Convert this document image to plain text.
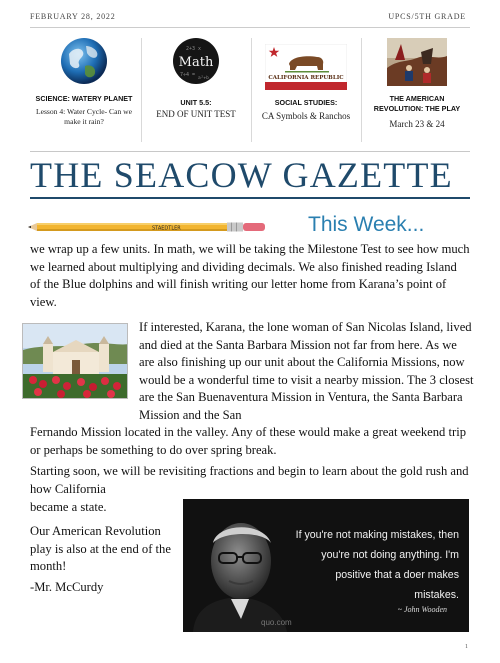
FEBRUARY 28, 2022	UPCS/5TH GRADE
SCIENCE: WATERY PLANET
Lesson 4: Water Cycle- Can we make it rain?
2+3 x
7÷4 =
a²+b
Math
UNIT 5.5:
END OF UNIT TEST
CALIFORNIA REPUBLIC
SOCIAL STUDIES:
CA Symbols & Ranchos
THE AMERICAN REVOLUTION: THE PLAY
March 23 & 24
THE SEACOW GAZETTE
STAEDTLER	This Week...
we wrap up a few units. In math, we will be taking the Milestone Test to see how much we learned about multiplying and dividing decimals. We also finished reading Island of the Blue dolphins and will finish writing our letter home from Karana’s point of view.
If interested, Karana, the lone woman of San Nicolas Island, lived and died at the Santa Barbara Mission not far from here. As we are also finishing up our unit about the California Missions, now would be a wonderful time to visit a nearby mission. The 3 closest are the San Buenaventura Mission in Ventura, the Santa Barbara Mission and the San
Fernando Mission located in the valley. Any of these would make a great weekend trip or perhaps be something to do over spring break.
Starting soon, we will be revisiting fractions and begin to learn about the gold rush and how California
became a state.
Our American Revolution play is also at the end of the month!
-Mr. McCurdy
If you're not making mistakes, then you're not doing anything. I'm positive that a doer makes mistakes.
~ John Wooden
quo.com
1
